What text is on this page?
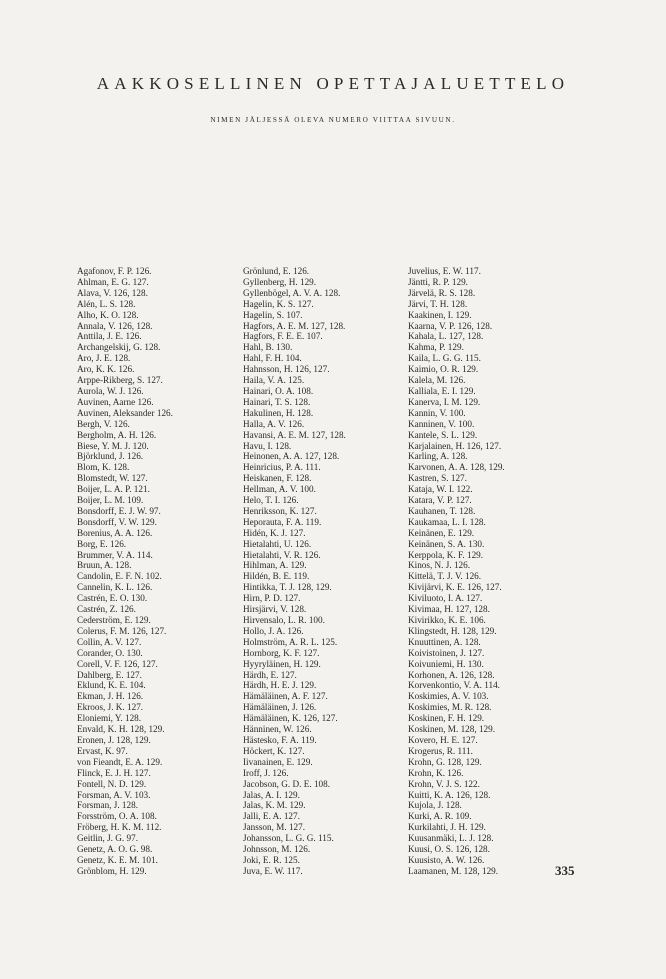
AAKKOSELLINEN OPETTAJALUETTELO
NIMEN JÄLJESSÄ OLEVA NUMERO VIITTAA SIVUUN.
Agafonov, F. P. 126.
Ahlman, E. G. 127.
Alava, V. 126, 128.
Alén, L. S. 128.
Alho, K. O. 128.
Annala, V. 126, 128.
Anttila, J. E. 126.
Archangelskij, G. 128.
Aro, J. E. 128.
Aro, K. K. 126.
Arppe-Rikberg, S. 127.
Aurola, W. J. 126.
Auvinen, Aarne 126.
Auvinen, Aleksander 126.
Bergh, V. 126.
Bergholm, A. H. 126.
Biese, Y. M. J. 120.
Björklund, J. 126.
Blom, K. 128.
Blomstedt, W. 127.
Boijer, L. A. P. 121.
Boijer, L. M. 109.
Bonsdorff, E. J. W. 97.
Bonsdorff, V. W. 129.
Borenius, A. A. 126.
Borg, E. 126.
Brummer, V. A. 114.
Bruun, A. 128.
Candolin, E. F. N. 102.
Cannelin, K. L. 126.
Castrén, E. O. 130.
Castrén, Z. 126.
Cederström, E. 129.
Colerus, F. M. 126, 127.
Collin, A. V. 127.
Corander, O. 130.
Corell, V. F. 126, 127.
Dahlberg, E. 127.
Eklund, K. E. 104.
Ekman, J. H. 126.
Ekroos, J. K. 127.
Eloniemi, Y. 128.
Envald, K. H. 128, 129.
Eronen, J. 128, 129.
Ervast, K. 97.
von Fieandt, E. A. 129.
Flinck, E. J. H. 127.
Fontell, N. D. 129.
Forsman, A. V. 103.
Forsman, J. 128.
Forsström, O. A. 108.
Fröberg, H. K. M. 112.
Geitlin, J. G. 97.
Genetz, A. O. G. 98.
Genetz, K. E. M. 101.
Grönblom, H. 129.
Grönlund, E. 126.
Gyllenberg, H. 129.
Gyllenbögel, A. V. A. 128.
Hagelin, K. S. 127.
Hagelin, S. 107.
Hagfors, A. E. M. 127, 128.
Hagfors, F. E. E. 107.
Hahl, B. 130.
Hahl, F. H. 104.
Hahnsson, H. 126, 127.
Haila, V. A. 125.
Hainari, O. A. 108.
Hainari, T. S. 128.
Hakulinen, H. 128.
Halla, A. V. 126.
Havansi, A. E. M. 127, 128.
Havu, I. 128.
Heinonen, A. A. 127, 128.
Heinricius, P. A. 111.
Heiskanen, F. 128.
Hellman, A. V. 100.
Helo, T. I. 126.
Henriksson, K. 127.
Heporauta, F. A. 119.
Hidén, K. J. 127.
Hietalahti, U. 126.
Hietalahti, V. R. 126.
Hihlman, A. 129.
Hildén, B. E. 119.
Hintikka, T. J. 128, 129.
Hirn, P. D. 127.
Hirsjärvi, V. 128.
Hirvensalo, L. R. 100.
Hollo, J. A. 126.
Holmström, A. R. L. 125.
Hornborg, K. F. 127.
Hyyryläinen, H. 129.
Härdh, E. 127.
Härdh, H. E. J. 129.
Hämäläinen, A. F. 127.
Hämäläinen, J. 126.
Hämäläinen, K. 126, 127.
Hänninen, W. 126.
Hästesko, F. A. 119.
Höckert, K. 127.
Iivanainen, E. 129.
Iroff, J. 126.
Jacobson, G. D. E. 108.
Jalas, A. I. 129.
Jalas, K. M. 129.
Jalli, E. A. 127.
Jansson, M. 127.
Johansson, L. G. G. 115.
Johnsson, M. 126.
Joki, E. R. 125.
Juva, E. W. 117.
Juvelius, E. W. 117.
Jäntti, R. P. 129.
Järvelä, R. S. 128.
Järvi, T. H. 128.
Kaakinen, I. 129.
Kaarna, V. P. 126, 128.
Kahala, L. 127, 128.
Kahma, P. 129.
Kaila, L. G. G. 115.
Kaimio, O. R. 129.
Kalela, M. 126.
Kalliala, E. I. 129.
Kanerva, I. M. 129.
Kannin, V. 100.
Kanninen, V. 100.
Kantele, S. L. 129.
Karjalainen, H. 126, 127.
Karling, A. 128.
Karvonen, A. A. 128, 129.
Kastren, S. 127.
Kataja, W. I. 122.
Katara, V. P. 127.
Kauhanen, T. 128.
Kaukamaa, L. I. 128.
Keinänen, E. 129.
Keinänen, S. A. 130.
Kerppola, K. F. 129.
Kinos, N. J. 126.
Kittelä, T. J. V. 126.
Kivijärvi, K. E. 126, 127.
Kiviluoto, I. A. 127.
Kivimaa, H. 127, 128.
Kivirikko, K. E. 106.
Klingstedt, H. 128, 129.
Knuuttinen, A. 128.
Koivistoinen, J. 127.
Koivuniemi, H. 130.
Korhonen, A. 126, 128.
Korvenkontio, V. A. 114.
Koskimies, A. V. 103.
Koskimies, M. R. 128.
Koskinen, F. H. 129.
Koskinen, M. 128, 129.
Kovero, H. E. 127.
Krogerus, R. 111.
Krohn, G. 128, 129.
Krohn, K. 126.
Krohn, V. J. S. 122.
Kuitti, K. A. 126, 128.
Kujola, J. 128.
Kurki, A. R. 109.
Kurkilahti, J. H. 129.
Kuusanmäki, L. J. 128.
Kuusi, O. S. 126, 128.
Kuusisto, A. W. 126.
Laamanen, M. 128, 129.	335
